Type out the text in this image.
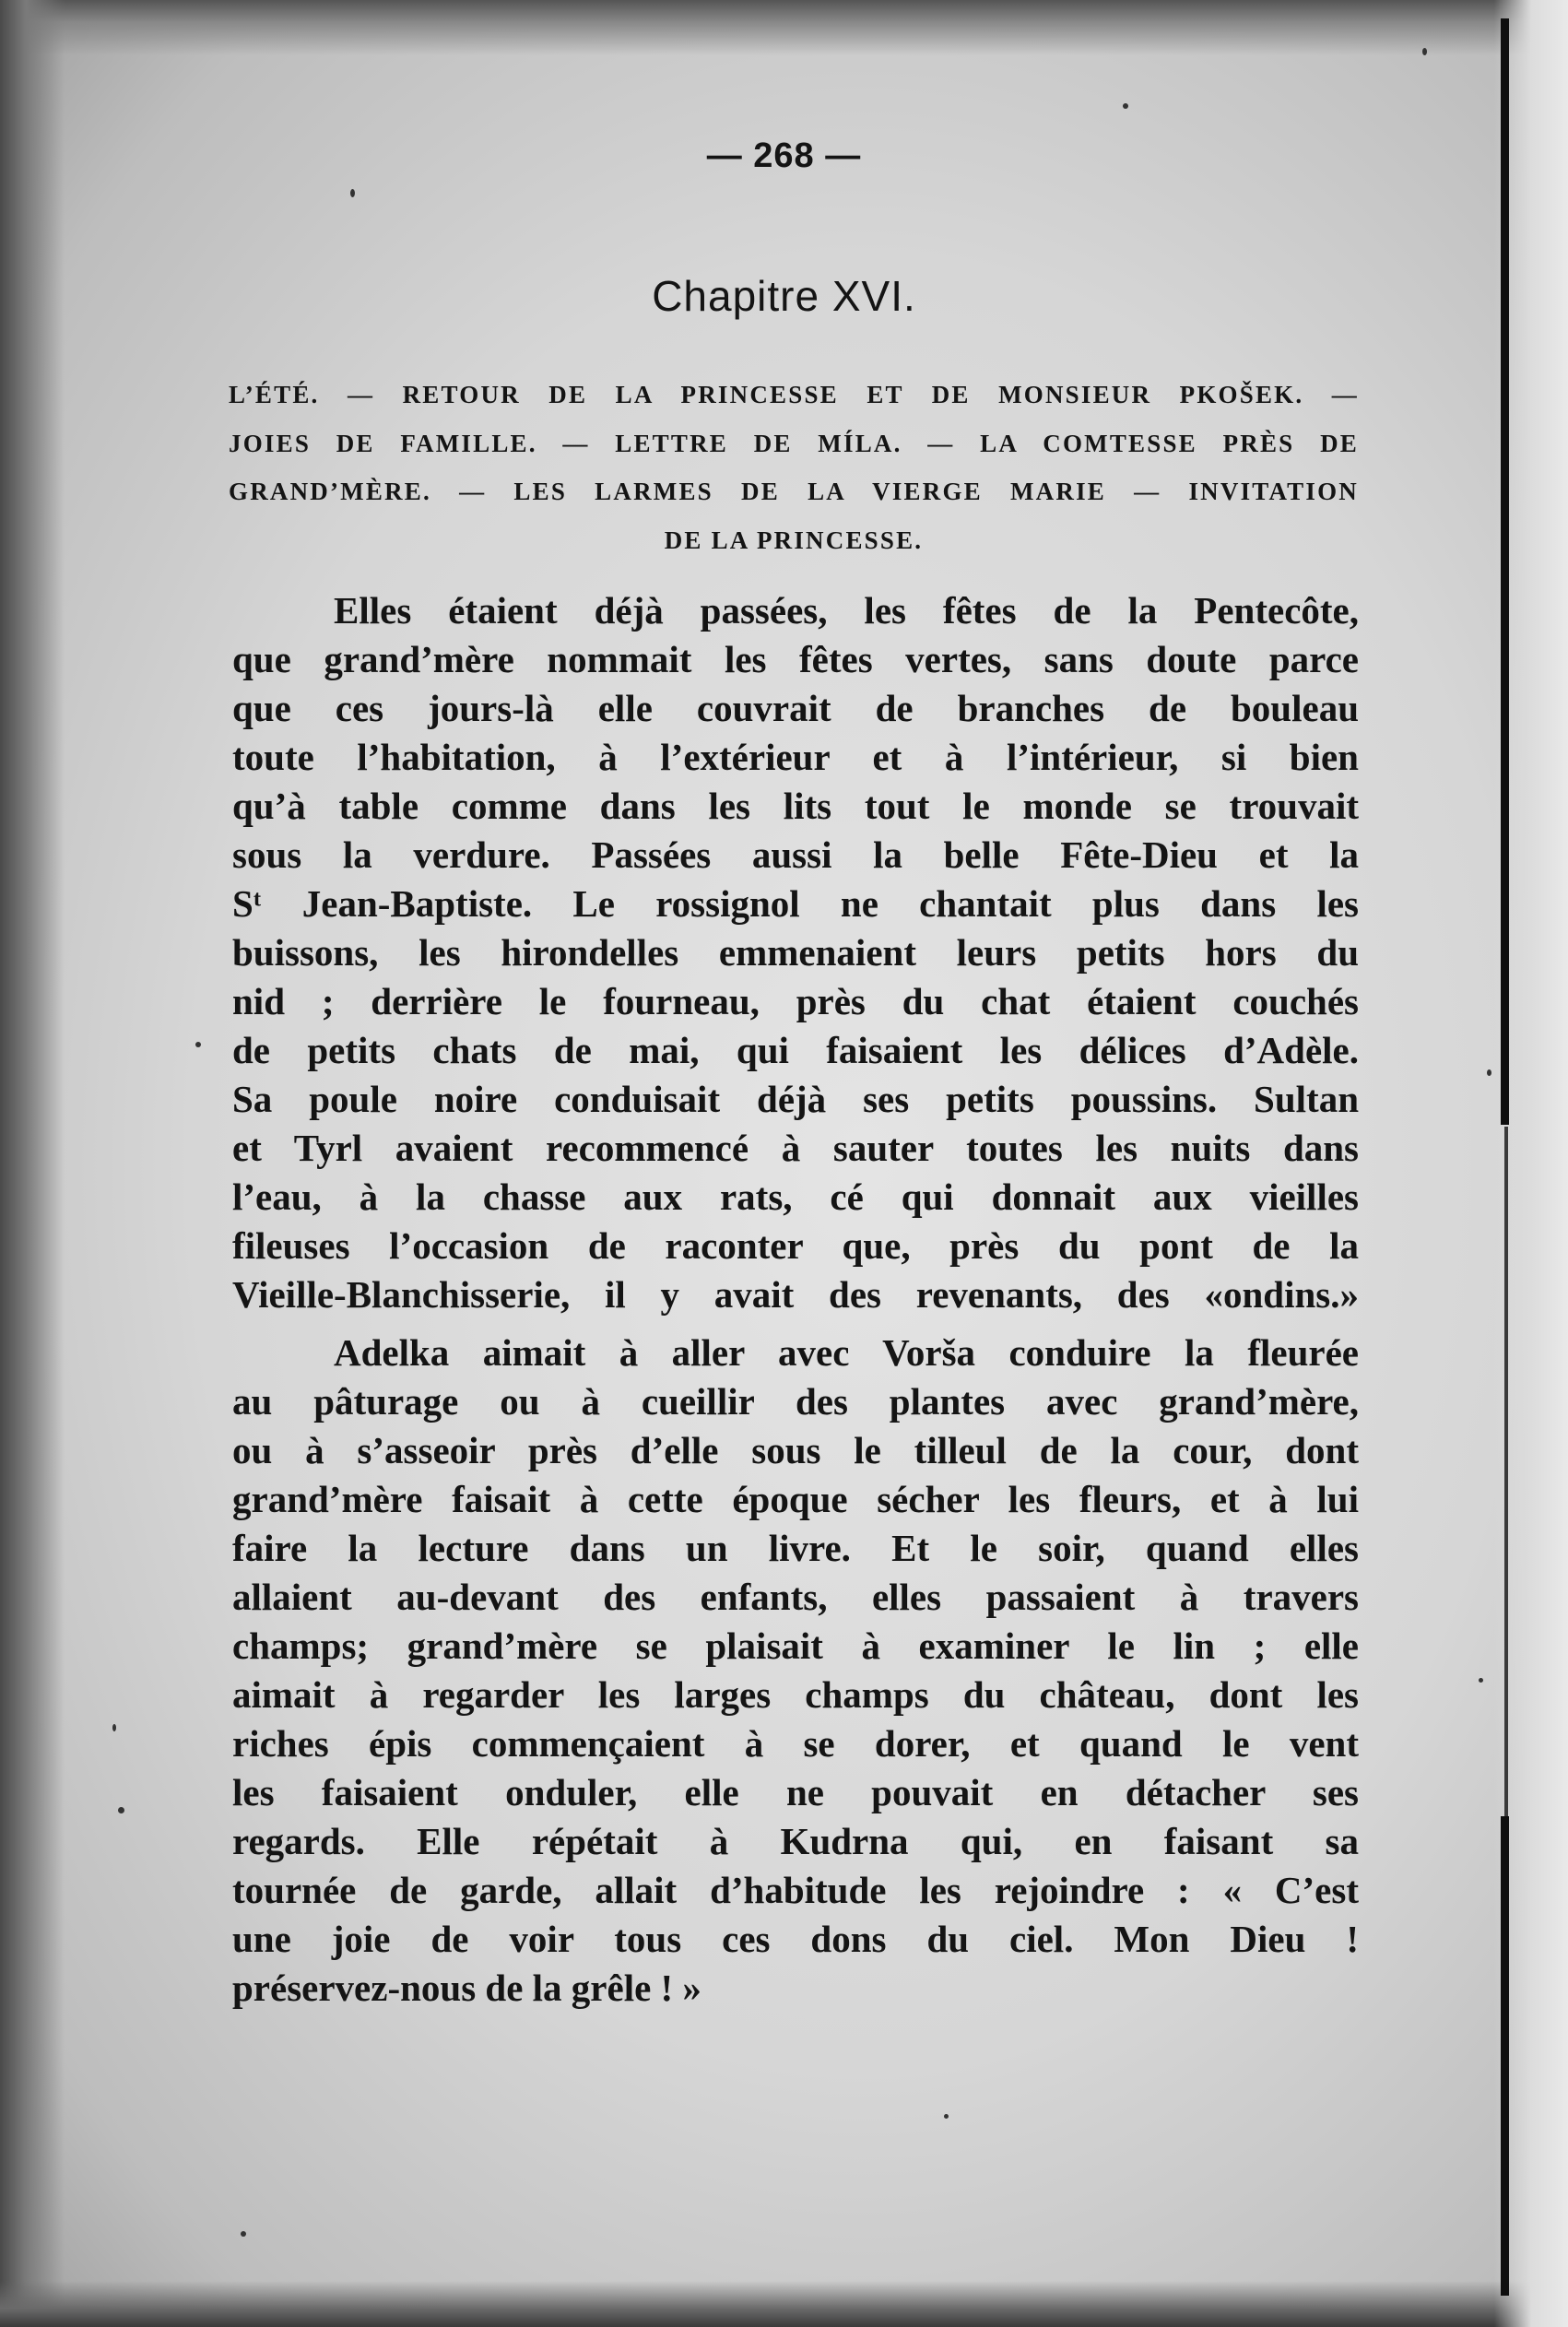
— 268 —
Chapitre XVI.
L’ÉTÉ. — RETOUR DE LA PRINCESSE ET DE MONSIEUR PKOŠEK. —
JOIES DE FAMILLE. — LETTRE DE MÍLA. — LA COMTESSE PRÈS DE
GRAND’MÈRE. — LES LARMES DE LA VIERGE MARIE — INVITATION
DE LA PRINCESSE.
Elles étaient déjà passées, les fêtes de la Pentecôte,
que grand’mère nommait les fêtes vertes, sans doute parce
que ces jours-là elle couvrait de branches de bouleau
toute l’habitation, à l’extérieur et à l’intérieur, si bien
qu’à table comme dans les lits tout le monde se trouvait
sous la verdure. Passées aussi la belle Fête-Dieu et la
Sᵗ Jean-Baptiste. Le rossignol ne chantait plus dans les
buissons, les hirondelles emmenaient leurs petits hors du
nid ; derrière le fourneau, près du chat étaient couchés
de petits chats de mai, qui faisaient les délices d’Adèle.
Sa poule noire conduisait déjà ses petits poussins. Sultan
et Tyrl avaient recommencé à sauter toutes les nuits dans
l’eau, à la chasse aux rats, cé qui donnait aux vieilles
fileuses l’occasion de raconter que, près du pont de la
Vieille-Blanchisserie, il y avait des revenants, des «ondins.»
Adelka aimait à aller avec Vorša conduire la fleurée
au pâturage ou à cueillir des plantes avec grand’mère,
ou à s’asseoir près d’elle sous le tilleul de la cour, dont
grand’mère faisait à cette époque sécher les fleurs, et à lui
faire la lecture dans un livre. Et le soir, quand elles
allaient au-devant des enfants, elles passaient à travers
champs; grand’mère se plaisait à examiner le lin ; elle
aimait à regarder les larges champs du château, dont les
riches épis commençaient à se dorer, et quand le vent
les faisaient onduler, elle ne pouvait en détacher ses
regards. Elle répétait à Kudrna qui, en faisant sa
tournée de garde, allait d’habitude les rejoindre : « C’est
une joie de voir tous ces dons du ciel. Mon Dieu !
préservez-nous de la grêle ! »
